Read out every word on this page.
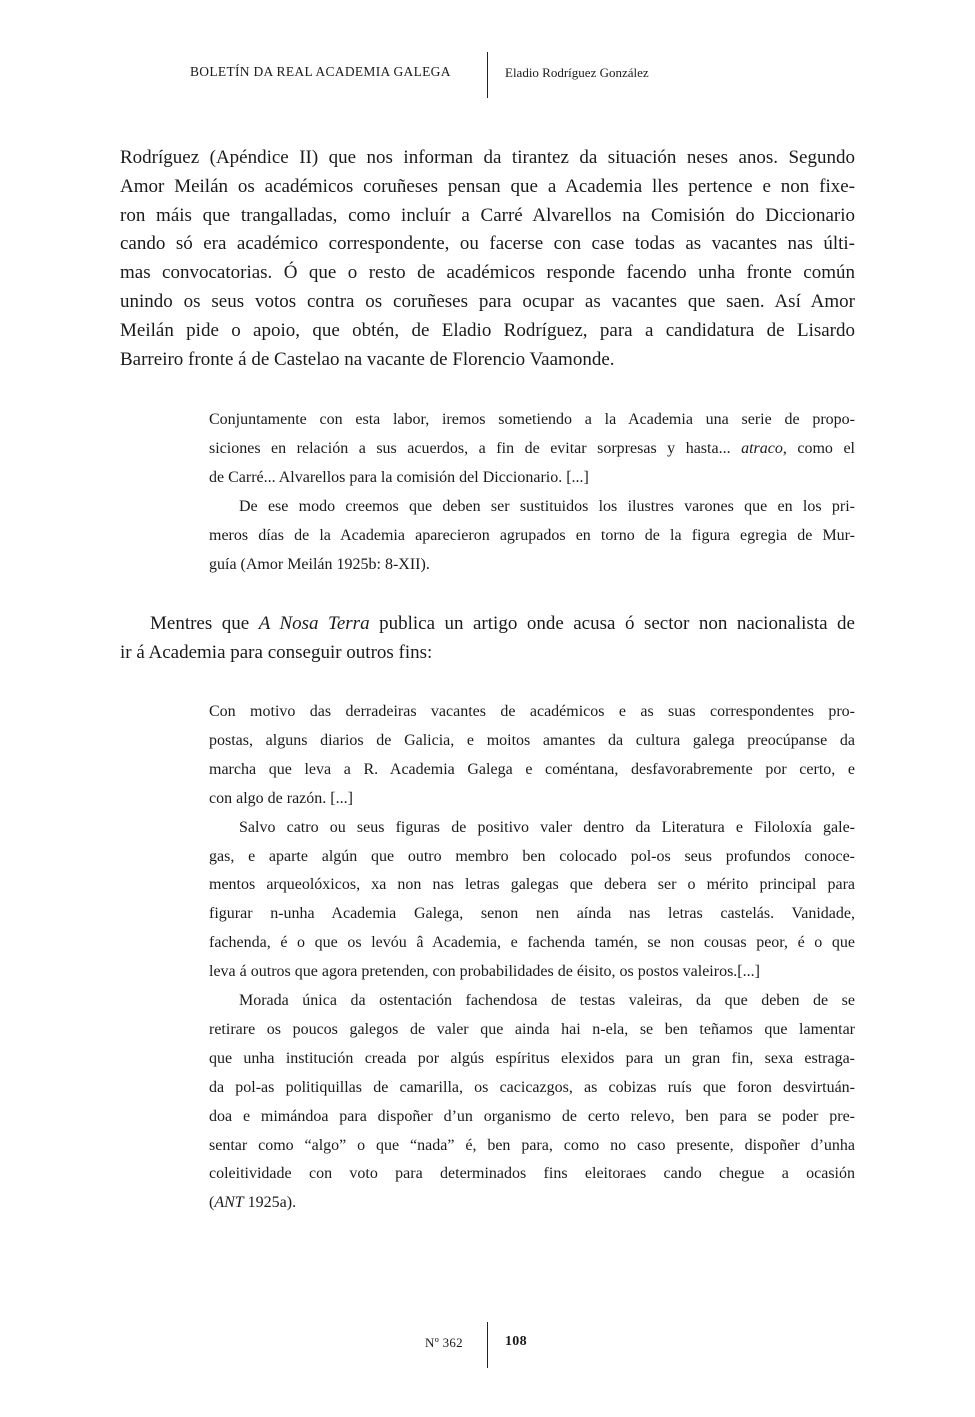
BOLETÍN DA REAL ACADEMIA GALEGA	Eladio Rodríguez González
Rodríguez (Apéndice II) que nos informan da tirantez da situación neses anos. Segundo
Amor Meilán os académicos coruñeses pensan que a Academia lles pertence e non fixe-
ron máis que trangalladas, como incluír a Carré Alvarellos na Comisión do Diccionario
cando só era académico correspondente, ou facerse con case todas as vacantes nas últi-
mas convocatorias. Ó que o resto de académicos responde facendo unha fronte común
unindo os seus votos contra os coruñeses para ocupar as vacantes que saen. Así Amor
Meilán pide o apoio, que obtén, de Eladio Rodríguez, para a candidatura de Lisardo
Barreiro fronte á de Castelao na vacante de Florencio Vaamonde.
Conjuntamente con esta labor, iremos sometiendo a la Academia una serie de propo-
siciones en relación a sus acuerdos, a fin de evitar sorpresas y hasta... atraco, como el
de Carré... Alvarellos para la comisión del Diccionario. [...]
De ese modo creemos que deben ser sustituidos los ilustres varones que en los pri-
meros días de la Academia aparecieron agrupados en torno de la figura egregia de Mur-
guía (Amor Meilán 1925b: 8-XII).
Mentres que A Nosa Terra publica un artigo onde acusa ó sector non nacionalista de
ir á Academia para conseguir outros fins:
Con motivo das derradeiras vacantes de académicos e as suas correspondentes pro-
postas, alguns diarios de Galicia, e moitos amantes da cultura galega preocúpanse da
marcha que leva a R. Academia Galega e coméntana, desfavorabremente por certo, e
con algo de razón. [...]
Salvo catro ou seus figuras de positivo valer dentro da Literatura e Filoloxía gale-
gas, e aparte algún que outro membro ben colocado pol-os seus profundos conoce-
mentos arqueolóxicos, xa non nas letras galegas que debera ser o mérito principal para
figurar n-unha Academia Galega, senon nen aínda nas letras castelás. Vanidade,
fachenda, é o que os levóu â Academia, e fachenda tamén, se non cousas peor, é o que
leva á outros que agora pretenden, con probabilidades de éisito, os postos valeiros.[...]
Morada única da ostentación fachendosa de testas valeiras, da que deben de se
retirare os poucos galegos de valer que ainda hai n-ela, se ben teñamos que lamentar
que unha institución creada por algús espíritus elexidos para un gran fin, sexa estraga-
da pol-as politiquillas de camarilla, os cacicazgos, as cobizas ruís que foron desvirtuán-
doa e mimándoa para dispoñer d’un organismo de certo relevo, ben para se poder pre-
sentar como “algo” o que “nada” é, ben para, como no caso presente, dispoñer d’unha
coleitividade con voto para determinados fins eleitoraes cando chegue a ocasión
(ANT 1925a).
Nº 362	108
